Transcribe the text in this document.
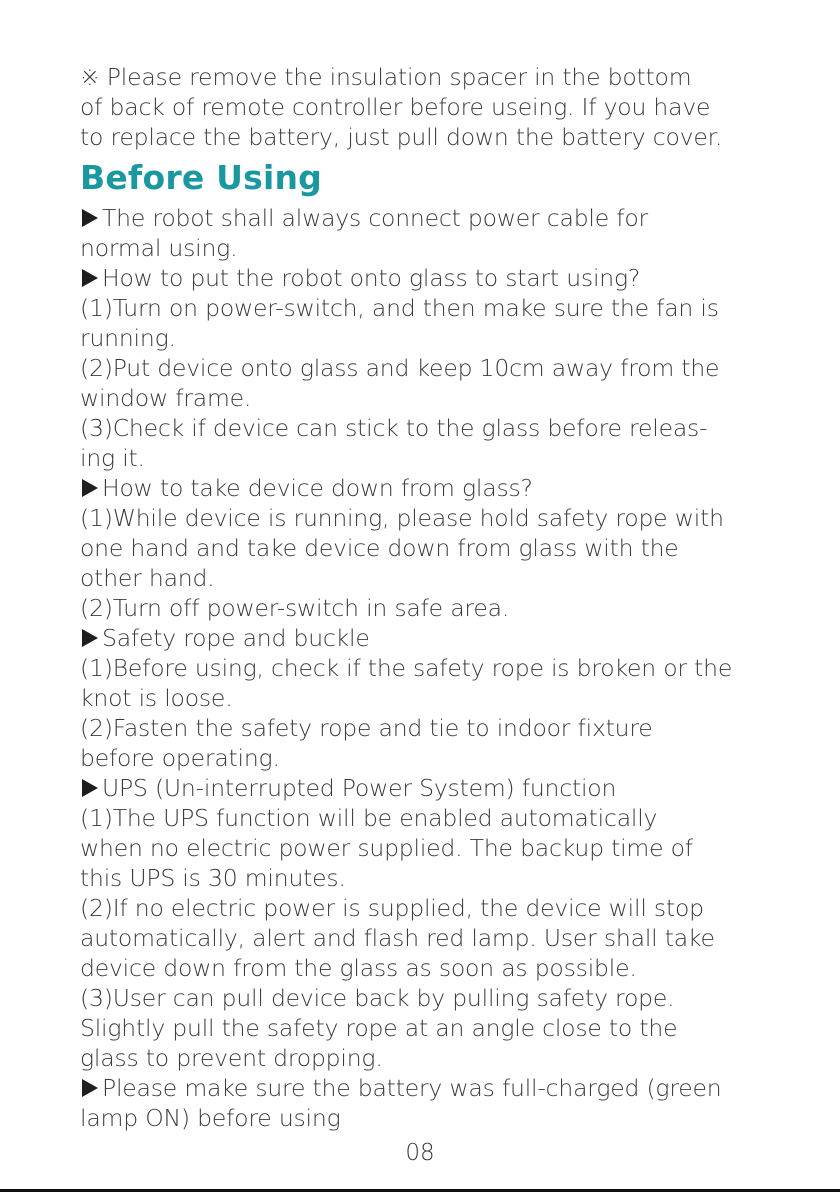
※ Please remove the insulation spacer in the bottom
of back of remote controller before useing. If you have
to replace the battery, just pull down the battery cover.
Before Using
The robot shall always connect power cable for
normal using.
How to put the robot onto glass to start using?
(1)Turn on power-switch, and then make sure the fan is
running.
(2)Put device onto glass and keep 10cm away from the
window frame.
(3)Check if device can stick to the glass before releas-
ing it.
How to take device down from glass?
(1)While device is running, please hold safety rope with
one hand and take device down from glass with the
other hand.
(2)Turn off power-switch in safe area.
Safety rope and buckle
(1)Before using, check if the safety rope is broken or the
knot is loose.
(2)Fasten the safety rope and tie to indoor fixture
before operating.
UPS (Un-interrupted Power System) function
(1)The UPS function will be enabled automatically
when no electric power supplied. The backup time of
this UPS is 30 minutes.
(2)If no electric power is supplied, the device will stop
automatically, alert and flash red lamp. User shall take
device down from the glass as soon as possible.
(3)User can pull device back by pulling safety rope.
Slightly pull the safety rope at an angle close to the
glass to prevent dropping.
Please make sure the battery was full-charged (green
lamp ON) before using
08
